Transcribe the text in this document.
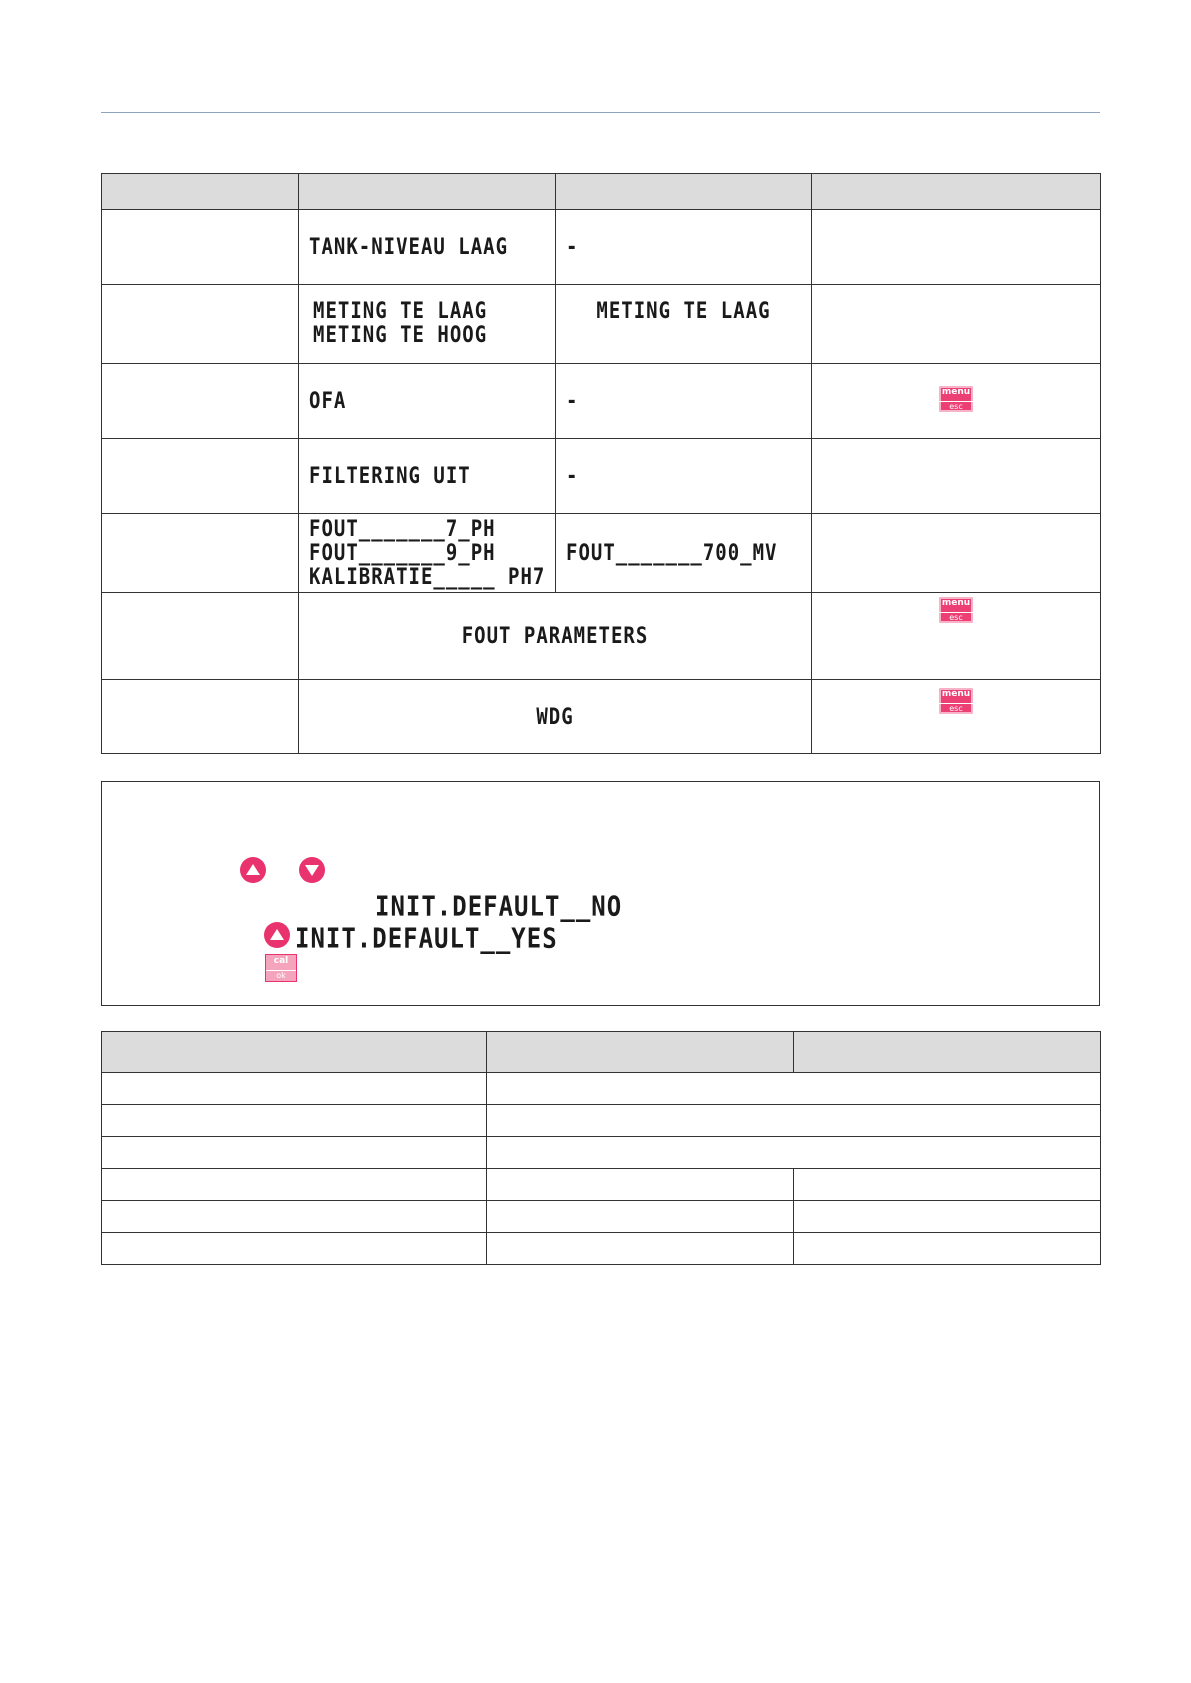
	TANK-NIVEAU LAAG	-	

	METING TE LAAG
METING TE HOOG	METING TE LAAG	

	OFA	-	menu
esc

	FILTERING UIT	-	

	FOUT_______7_PH
FOUT_______9_PH
KALIBRATIE_____ PH7	FOUT_______700_MV	

	FOUT PARAMETERS		menu
esc

	WDG		menu
esc
INIT.DEFAULT__NO
INIT.DEFAULT__YES
cal
ok
